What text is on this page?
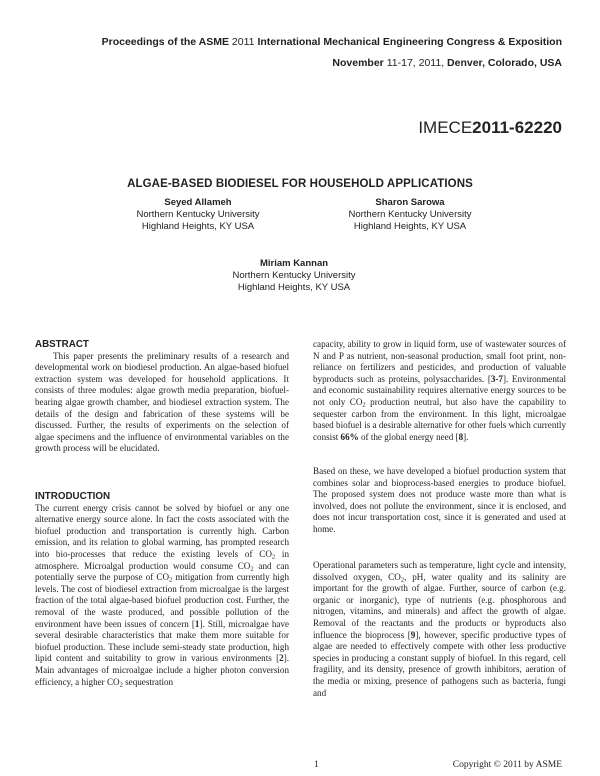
Proceedings of the ASME 2011 International Mechanical Engineering Congress & Exposition
November 11-17, 2011, Denver, Colorado, USA
IMECE2011-62220
ALGAE-BASED BIODIESEL FOR HOUSEHOLD APPLICATIONS
Seyed Allameh
Northern Kentucky University
Highland Heights, KY USA
Sharon Sarowa
Northern Kentucky University
Highland Heights, KY USA
Miriam Kannan
Northern Kentucky University
Highland Heights, KY USA
ABSTRACT

This paper presents the preliminary results of a research and developmental work on biodiesel production. An algae-based biofuel extraction system was developed for household applications. It consists of three modules: algae growth media preparation, biofuel-bearing algae growth chamber, and biodiesel extraction system. The details of the design and fabrication of these systems will be discussed. Further, the results of experiments on the selection of algae specimens and the influence of environmental variables on the growth process will be elucidated.

INTRODUCTION

The current energy crisis cannot be solved by biofuel or any one alternative energy source alone. In fact the costs associated with the biofuel production and transportation is currently high. Carbon emission, and its relation to global warming, has prompted research into bio-processes that reduce the existing levels of $CO_2$ in atmosphere. Microalgal production would consume $CO_2$ and can potentially serve the purpose of $CO_2$ mitigation from currently high levels. The cost of biodiesel extraction from microalgae is the largest fraction of the total algae-based biofuel production cost. Further, the removal of the waste produced, and possible pollution of the environment have been issues of concern [1]. Still, microalgae have several desirable characteristics that make them more suitable for biofuel production. These include semi-steady state production, high lipid content and suitability to grow in various environments [2]. Main advantages of microalgae include a higher photon conversion efficiency, a higher $CO_2$ sequestration

capacity, ability to grow in liquid form, use of wastewater sources of N and P as nutrient, non-seasonal production, small foot print, non-reliance on fertilizers and pesticides, and production of valuable byproducts such as proteins, polysaccharides. [3-7]. Environmental and economic sustainability requires alternative energy sources to be not only $CO_2$ production neutral, but also have the capability to sequester carbon from the environment. In this light, microalgae based biofuel is a desirable alternative for other fuels which currently consist 66% of the global energy need [8].

Based on these, we have developed a biofuel production system that combines solar and bioprocess-based energies to produce biofuel. The proposed system does not produce waste more than what is involved, does not pollute the environment, since it is enclosed, and does not incur transportation cost, since it is generated and used at home.

Operational parameters such as temperature, light cycle and intensity, dissolved oxygen, $CO_2$, pH, water quality and its salinity are important for the growth of algae. Further, source of carbon (e.g. organic or inorganic), type of nutrients (e.g. phosphorous and nitrogen, vitamins, and minerals) and affect the growth of algae. Removal of the reactants and the products or byproducts also influence the bioprocess [9], however, specific productive types of algae are needed to effectively compete with other less productive species in producing a constant supply of biofuel. In this regard, cell fragility, and its density, presence of growth inhibitors, aeration of the media or mixing, presence of pathogens such as bacteria, fungi and

1	Copyright © 2011 by ASME
